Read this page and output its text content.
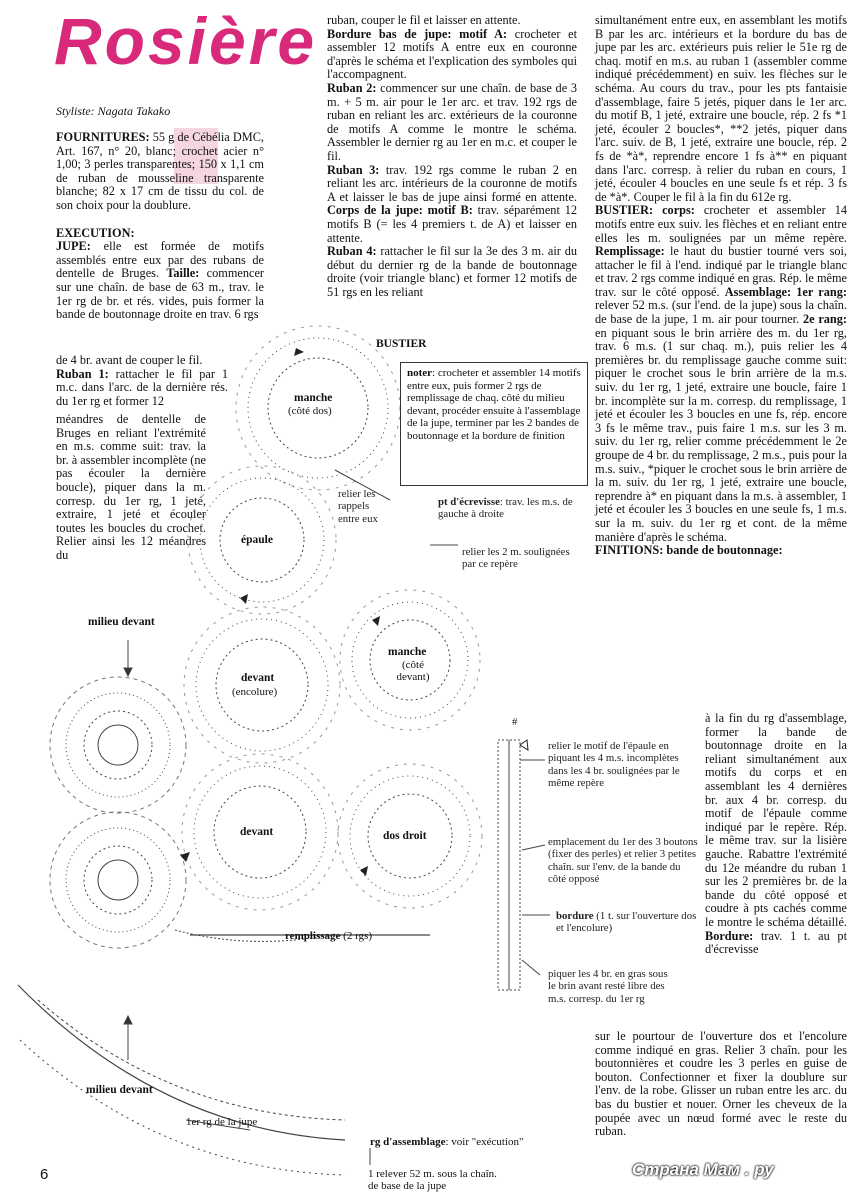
Rosière
Styliste: Nagata Takako

FOURNITURES: 55 g de Cébélia DMC, Art. 167, n° 20, blanc; crochet acier n° 1,00; 3 perles transparentes; 150 x 1,1 cm de ruban de mousseline transparente blanche; 82 x 17 cm de tissu du col. de son choix pour la doublure.

EXECUTION:

JUPE: elle est formée de motifs assemblés entre eux par des rubans de dentelle de Bruges. Taille: commencer sur une chaîn. de base de 63 m., trav. le 1er rg de br. et rés. vides, puis former la bande de boutonnage droite en trav. 6 rgs

de 4 br. avant de couper le fil.

Ruban 1: rattacher le fil par 1 m.c. dans l'arc. de la dernière rés. du 1er rg et former 12

méandres de dentelle de Bruges en reliant l'extrémité en m.s. comme suit: trav. la br. à assembler incomplète (ne pas écouler la dernière boucle), piquer dans la m. corresp. du 1er rg, 1 jeté, extraire, 1 jeté et écouler toutes les boucles du crochet. Relier ainsi les 12 méandres du

ruban, couper le fil et laisser en attente.

Bordure bas de jupe: motif A: crocheter et assembler 12 motifs A entre eux en couronne d'après le schéma et l'explication des symboles qui l'accompagnent.

Ruban 2: commencer sur une chaîn. de base de 3 m. + 5 m. air pour le 1er arc. et trav. 192 rgs de ruban en reliant les arc. extérieurs de la couronne de motifs A comme le montre le schéma. Assembler le dernier rg au 1er en m.c. et couper le fil.

Ruban 3: trav. 192 rgs comme le ruban 2 en reliant les arc. intérieurs de la couronne de motifs A et laisser le bas de jupe ainsi formé en attente. Corps de la jupe: motif B: trav. séparément 12 motifs B (= les 4 premiers t. de A) et laisser en attente.

Ruban 4: rattacher le fil sur la 3e des 3 m. air du début du dernier rg de la bande de boutonnage droite (voir triangle blanc) et former 12 motifs de 51 rgs en les reliant

simultanément entre eux, en assemblant les motifs B par les arc. intérieurs et la bordure du bas de jupe par les arc. extérieurs puis relier le 51e rg de chaq. motif en m.s. au ruban 1 (assembler comme indiqué précédemment) en suiv. les flèches sur le schéma. Au cours du trav., pour les pts fantaisie d'assemblage, faire 5 jetés, piquer dans le 1er arc. du motif B, 1 jeté, extraire une boucle, rép. 2 fs *1 jeté, écouler 2 boucles*, **2 jetés, piquer dans l'arc. suiv. de B, 1 jeté, extraire une boucle, rép. 2 fs de *à*, reprendre encore 1 fs à** en piquant dans l'arc. corresp. à relier du ruban en cours, 1 jeté, écouler 4 boucles en une seule fs et rép. 3 fs de *à*. Couper le fil à la fin du 612e rg.

BUSTIER: corps: crocheter et assembler 14 motifs entre eux suiv. les flèches et en reliant entre elles les m. soulignées par un même repère. Remplissage: le haut du bustier tourné vers soi, attacher le fil à l'end. indiqué par le triangle blanc et trav. 2 rgs comme indiqué en gras. Rép. le même trav. sur le côté opposé. Assemblage: 1er rang: relever 52 m.s. (sur l'end. de la jupe) sous la chaîn. de base de la jupe, 1 m. air pour tourner. 2e rang: en piquant sous le brin arrière des m. du 1er rg, trav. 6 m.s. (1 sur chaq. m.), puis relier les 4 premières br. du remplissage gauche comme suit: piquer le crochet sous le brin arrière de la m.s. suiv. du 1er rg, 1 jeté, extraire une boucle, faire 1 br. incomplète sur la m. corresp. du remplissage, 1 jeté et écouler les 3 boucles en une fs, rép. encore 3 fs le même trav., puis faire 1 m.s. sur les 3 m. suiv. du 1er rg, relier comme précédemment le 2e groupe de 4 br. du remplissage, 2 m.s., puis pour la m.s. suiv., *piquer le crochet sous le brin arrière de la m. suiv. du 1er rg, 1 jeté, extraire une boucle, reprendre à* en piquant dans la m.s. à assembler, 1 jeté et écouler les 3 boucles en une seule fs, 1 m.s. sur la m. suiv. du 1er rg et cont. de la même manière d'après le schéma.

FINITIONS: bande de boutonnage:

à la fin du rg d'assemblage, former la bande de boutonnage droite en la reliant simultanément aux motifs du corps et en assemblant les 4 dernières br. aux 4 br. corresp. du motif de l'épaule comme indiqué par le repère. Rép. le même trav. sur la lisière gauche. Rabattre l'extrémité du 12e méandre du ruban 1 sur les 2 premières br. de la bande du côté opposé et coudre à pts cachés comme le montre le schéma détaillé. Bordure: trav. 1 t. au pt d'écrevisse

sur le pourtour de l'ouverture dos et l'encolure comme indiqué en gras. Relier 3 chaîn. pour les boutonnières et coudre les 3 perles en guise de bouton. Confectionner et fixer la doublure sur l'env. de la robe. Glisser un ruban entre les arc. du bas du bustier et nouer. Orner les cheveux de la poupée avec un nœud formé avec le reste du ruban.

BUSTIER
noter: crocheter et assembler 14 motifs entre eux, puis former 2 rgs de remplissage de chaq. côté du milieu devant, procéder ensuite à l'assemblage de la jupe, terminer par les 2 bandes de boutonnage et la bordure de finition
pt d'écrevisse: trav. les m.s. de gauche à droite
relier les 2 m. soulignées par ce repère
relier les
rappels
entre eux
manche
(côté dos)
épaule
manche
(côté
devant)
devant
(encolure)
devant	dos droit
milieu devant
milieu devant
remplissage (2 rgs)
1er rg de la jupe
rg d'assemblage: voir "exécution"
1 relever 52 m. sous la chaîn. de base de la jupe
#
relier le motif de l'épaule en piquant les 4 m.s. incomplètes dans les 4 br. soulignées par le même repère
emplacement du 1er des 3 boutons (fixer des perles) et relier 3 petites chaîn. sur l'env. de la bande du côté opposé
bordure (1 t. sur l'ouverture dos et l'encolure)
piquer les 4 br. en gras sous le brin avant resté libre des m.s. corresp. du 1er rg
6	Страна Мам . ру
